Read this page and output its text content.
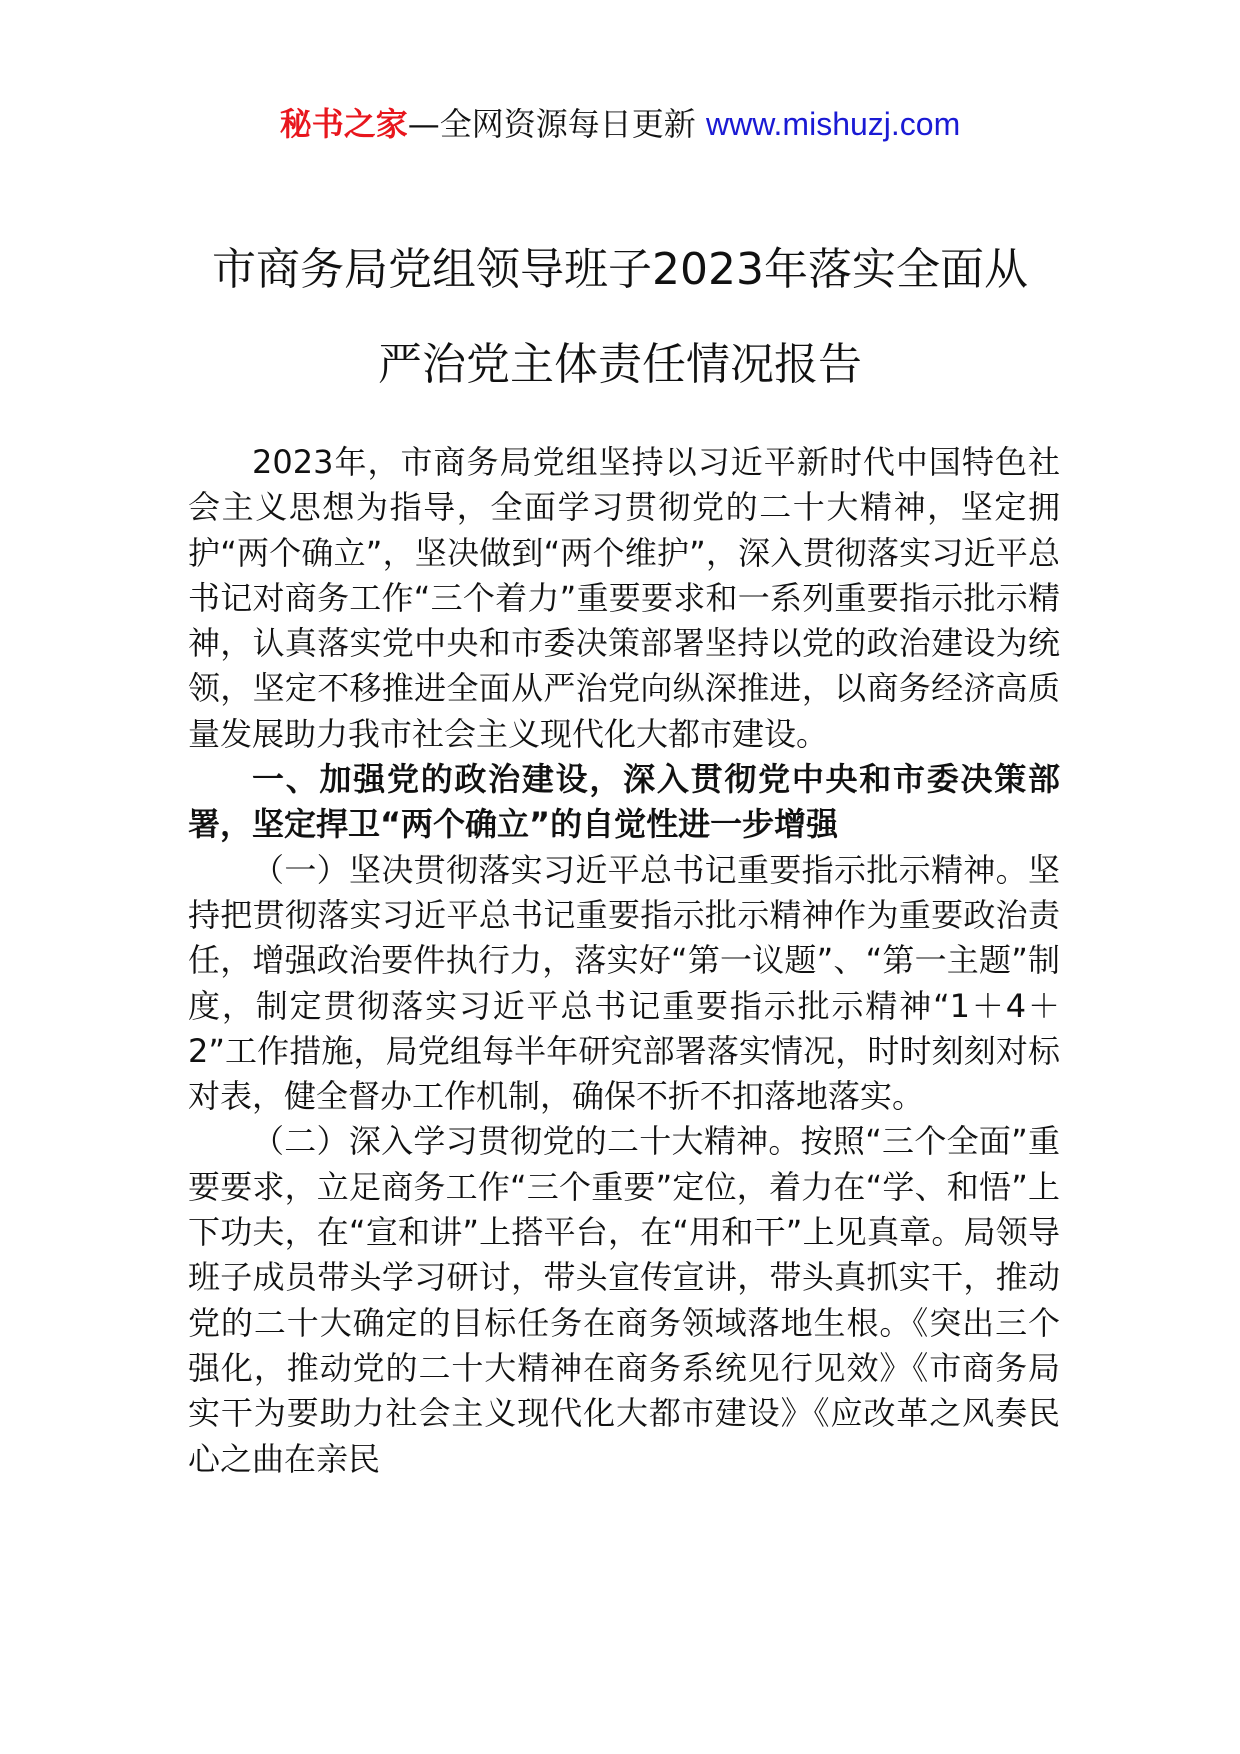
秘书之家—全网资源每日更新 www.mishuzj.com
市商务局党组领导班子2023年落实全面从
严治党主体责任情况报告

2023年，市商务局党组坚持以习近平新时代中国特色社会主义思想为指导，全面学习贯彻党的二十大精神，坚定拥护“两个确立”，坚决做到“两个维护”，深入贯彻落实习近平总书记对商务工作“三个着力”重要要求和一系列重要指示批示精神，认真落实党中央和市委决策部署坚持以党的政治建设为统领，坚定不移推进全面从严治党向纵深推进，以商务经济高质量发展助力我市社会主义现代化大都市建设。

一、加强党的政治建设，深入贯彻党中央和市委决策部署，坚定捍卫“两个确立”的自觉性进一步增强

（一）坚决贯彻落实习近平总书记重要指示批示精神。坚持把贯彻落实习近平总书记重要指示批示精神作为重要政治责任，增强政治要件执行力，落实好“第一议题”、“第一主题”制度，制定贯彻落实习近平总书记重要指示批示精神“1＋4＋2”工作措施，局党组每半年研究部署落实情况，时时刻刻对标对表，健全督办工作机制，确保不折不扣落地落实。

（二）深入学习贯彻党的二十大精神。按照“三个全面”重要要求，立足商务工作“三个重要”定位，着力在“学、和悟”上下功夫，在“宣和讲”上搭平台，在“用和干”上见真章。局领导班子成员带头学习研讨，带头宣传宣讲，带头真抓实干，推动党的二十大确定的目标任务在商务领域落地生根。《突出三个强化，推动党的二十大精神在商务系统见行见效》《市商务局实干为要助力社会主义现代化大都市建设》《应改革之风奏民心之曲在亲民
